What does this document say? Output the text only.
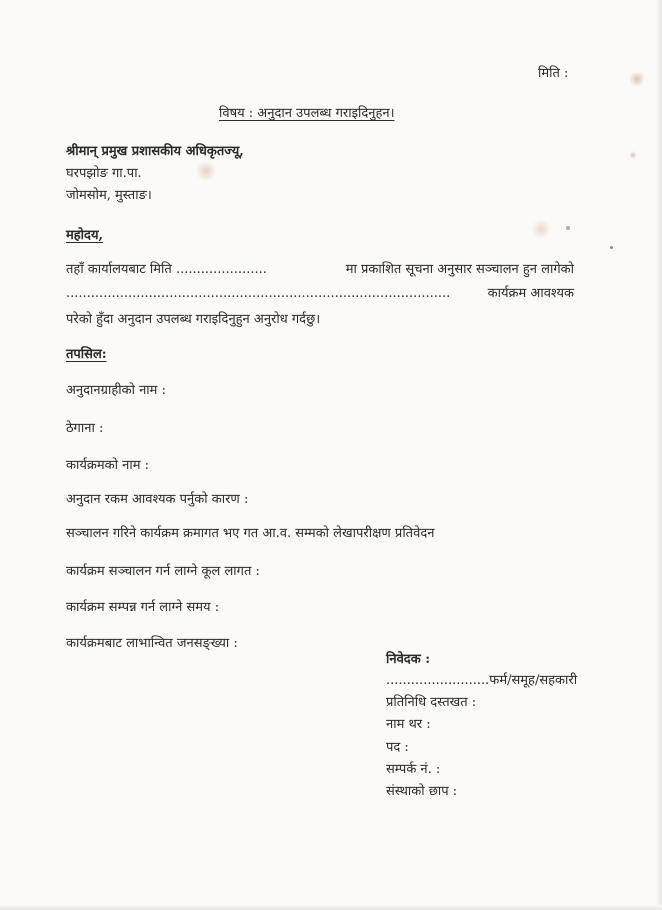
मिति :
विषय : अनुदान उपलब्ध गराइदिनुहन।
श्रीमान् प्रमुख प्रशासकीय अधिकृतज्यू,
घरपझोङ गा.पा.
जोमसोम, मुस्ताङ।
महोदय,
तहाँ कार्यालयबाट मिति ......................	मा प्रकाशित सूचना अनुसार सञ्चालन हुन लागेको
.............................................................................................	कार्यक्रम आवश्यक
परेको हुँदा अनुदान उपलब्ध गराइदिनुहुन अनुरोध गर्दछु।
तपसिल:
अनुदानग्राहीको नाम :
ठेगाना :
कार्यक्रमको नाम :
अनुदान रकम आवश्यक पर्नुको कारण :
सञ्चालन गरिने कार्यक्रम क्रमागत भए गत आ.व. सम्मको लेखापरीक्षण प्रतिवेदन
कार्यक्रम सञ्चालन गर्न लाग्ने कूल लागत :
कार्यक्रम सम्पन्न गर्न लाग्ने समय :
कार्यक्रमबाट लाभान्वित जनसङ्ख्या :
निवेदक :
.........................फर्म/समूह/सहकारी
प्रतिनिधि दस्तखत :
नाम थर :
पद :
सम्पर्क नं. :
संस्थाको छाप :
